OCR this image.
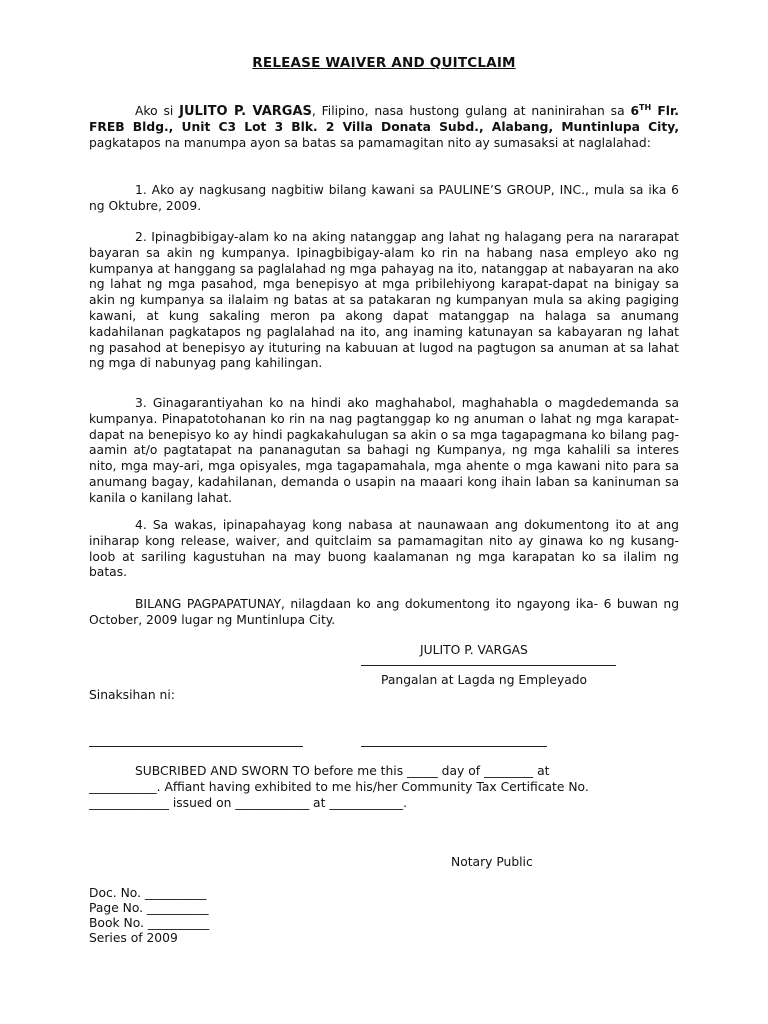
RELEASE WAIVER AND QUITCLAIM

Ako si JULITO P. VARGAS, Filipino, nasa hustong gulang at naninirahan sa 6TH Flr. FREB Bldg., Unit C3 Lot 3 Blk. 2 Villa Donata Subd., Alabang, Muntinlupa City, pagkatapos na manumpa ayon sa batas sa pamamagitan nito ay sumasaksi at naglalahad:

1. Ako ay nagkusang nagbitiw bilang kawani sa PAULINE’S GROUP, INC., mula sa ika 6 ng Oktubre, 2009.

2. Ipinagbibigay-alam ko na aking natanggap ang lahat ng halagang pera na nararapat bayaran sa akin ng kumpanya. Ipinagbibigay-alam ko rin na habang nasa empleyo ako ng kumpanya at hanggang sa paglalahad ng mga pahayag na ito, natanggap at nabayaran na ako ng lahat ng mga pasahod, mga benepisyo at mga pribilehiyong karapat-dapat na binigay sa akin ng kumpanya sa ilalaim ng batas at sa patakaran ng kumpanyan mula sa aking pagiging kawani, at kung sakaling meron pa akong dapat matanggap na halaga sa anumang kadahilanan pagkatapos ng paglalahad na ito, ang inaming katunayan sa kabayaran ng lahat ng pasahod at benepisyo ay ituturing na kabuuan at lugod na pagtugon sa anuman at sa lahat ng mga di nabunyag pang kahilingan.

3. Ginagarantiyahan ko na hindi ako maghahabol, maghahabla o magdedemanda sa kumpanya. Pinapatotohanan ko rin na nag pagtanggap ko ng anuman o lahat ng mga karapat-dapat na benepisyo ko ay hindi pagkakahulugan sa akin o sa mga tagapagmana ko bilang pag-aamin at/o pagtatapat na pananagutan sa bahagi ng Kumpanya, ng mga kahalili sa interes nito, mga may-ari, mga opisyales, mga tagapamahala, mga ahente o mga kawani nito para sa anumang bagay, kadahilanan, demanda o usapin na maaari kong ihain laban sa kaninuman sa kanila o kanilang lahat.

4. Sa wakas, ipinapahayag kong nabasa at naunawaan ang dokumentong ito at ang iniharap kong release, waiver, and quitclaim sa pamamagitan nito ay ginawa ko ng kusang-loob at sariling kagustuhan na may buong kaalamanan ng mga karapatan ko sa ilalim ng batas.

BILANG PAGPAPATUNAY, nilagdaan ko ang dokumentong ito ngayong ika- 6 buwan ng October, 2009 lugar ng Muntinlupa City.

JULITO P. VARGAS
Pangalan at Lagda ng Empleyado
Sinaksihan ni:
SUBCRIBED AND SWORN TO before me this _____ day of ________ at
___________. Affiant having exhibited to me his/her Community Tax Certificate No.
_____________ issued on ____________ at ____________.
Notary Public
Doc. No. __________
Page No. __________
Book No. __________
Series of 2009
